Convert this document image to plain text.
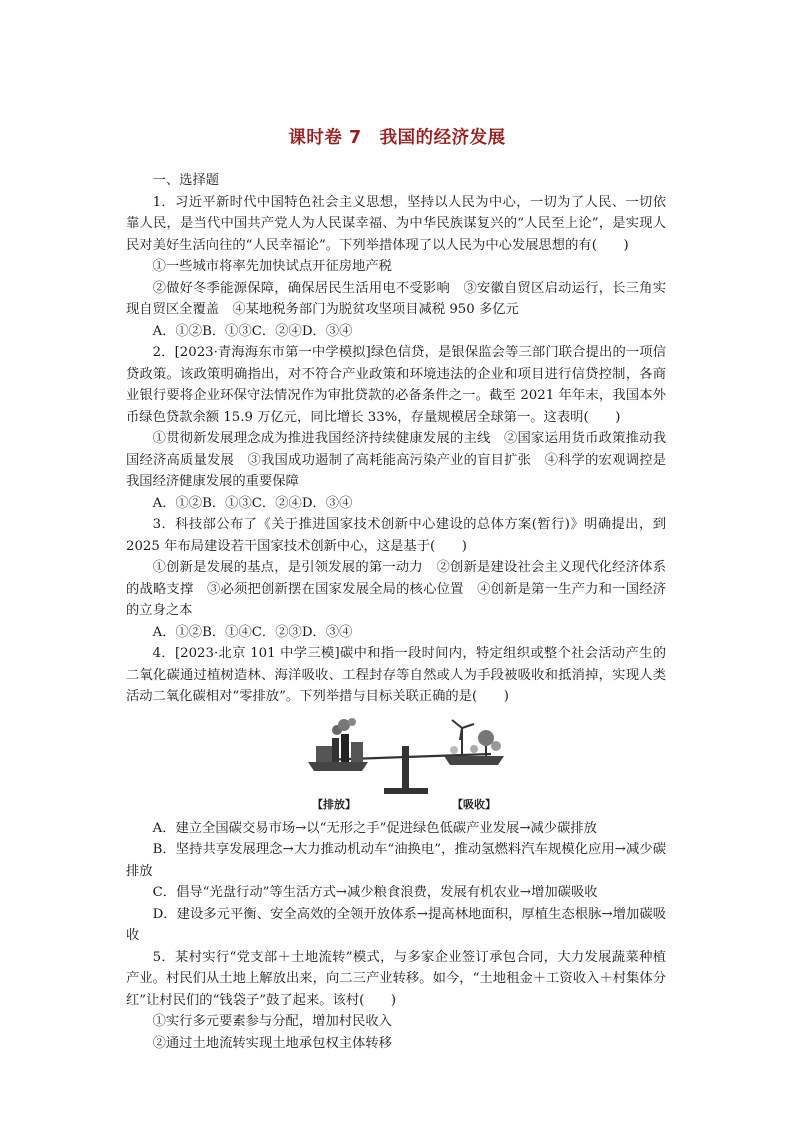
课时卷 7　我国的经济发展

一、选择题

1．习近平新时代中国特色社会主义思想，坚持以人民为中心，一切为了人民、一切依靠人民，是当代中国共产党人为人民谋幸福、为中华民族谋复兴的“人民至上论”，是实现人民对美好生活向往的“人民幸福论”。下列举措体现了以人民为中心发展思想的有(　　)

①一些城市将率先加快试点开征房地产税

②做好冬季能源保障，确保居民生活用电不受影响　③安徽自贸区启动运行，长三角实现自贸区全覆盖　④某地税务部门为脱贫攻坚项目减税 950 多亿元

A．①②B．①③C．②④D．③④

2．[2023·青海海东市第一中学模拟]绿色信贷，是银保监会等三部门联合提出的一项信贷政策。该政策明确指出，对不符合产业政策和环境违法的企业和项目进行信贷控制，各商业银行要将企业环保守法情况作为审批贷款的必备条件之一。截至 2021 年年末，我国本外币绿色贷款余额 15.9 万亿元，同比增长 33%，存量规模居全球第一。这表明(　　)

①贯彻新发展理念成为推进我国经济持续健康发展的主线　②国家运用货币政策推动我国经济高质量发展　③我国成功遏制了高耗能高污染产业的盲目扩张　④科学的宏观调控是我国经济健康发展的重要保障

A．①②B．①③C．②④D．③④

3．科技部公布了《关于推进国家技术创新中心建设的总体方案(暂行)》明确提出，到 2025 年布局建设若干国家技术创新中心，这是基于(　　)

①创新是发展的基点，是引领发展的第一动力　②创新是建设社会主义现代化经济体系的战略支撑　③必须把创新摆在国家发展全局的核心位置　④创新是第一生产力和一国经济的立身之本

A．①②B．①④C．②③D．③④

4．[2023·北京 101 中学三模]碳中和指一段时间内，特定组织或整个社会活动产生的二氧化碳通过植树造林、海洋吸收、工程封存等自然或人为手段被吸收和抵消掉，实现人类活动二氧化碳相对“零排放”。下列举措与目标关联正确的是(　　)

【排放】	【吸收】

A．建立全国碳交易市场→以“无形之手”促进绿色低碳产业发展→减少碳排放

B．坚持共享发展理念→大力推动机动车“油换电”，推动氢燃料汽车规模化应用→减少碳排放

C．倡导“光盘行动”等生活方式→减少粮食浪费，发展有机农业→增加碳吸收

D．建设多元平衡、安全高效的全领开放体系→提高林地面积，厚植生态根脉→增加碳吸收

5．某村实行“党支部＋土地流转”模式，与多家企业签订承包合同，大力发展蔬菜种植产业。村民们从土地上解放出来，向二三产业转移。如今，“土地租金＋工资收入＋村集体分红”让村民们的“钱袋子”鼓了起来。该村(　　)

①实行多元要素参与分配，增加村民收入

②通过土地流转实现土地承包权主体转移
